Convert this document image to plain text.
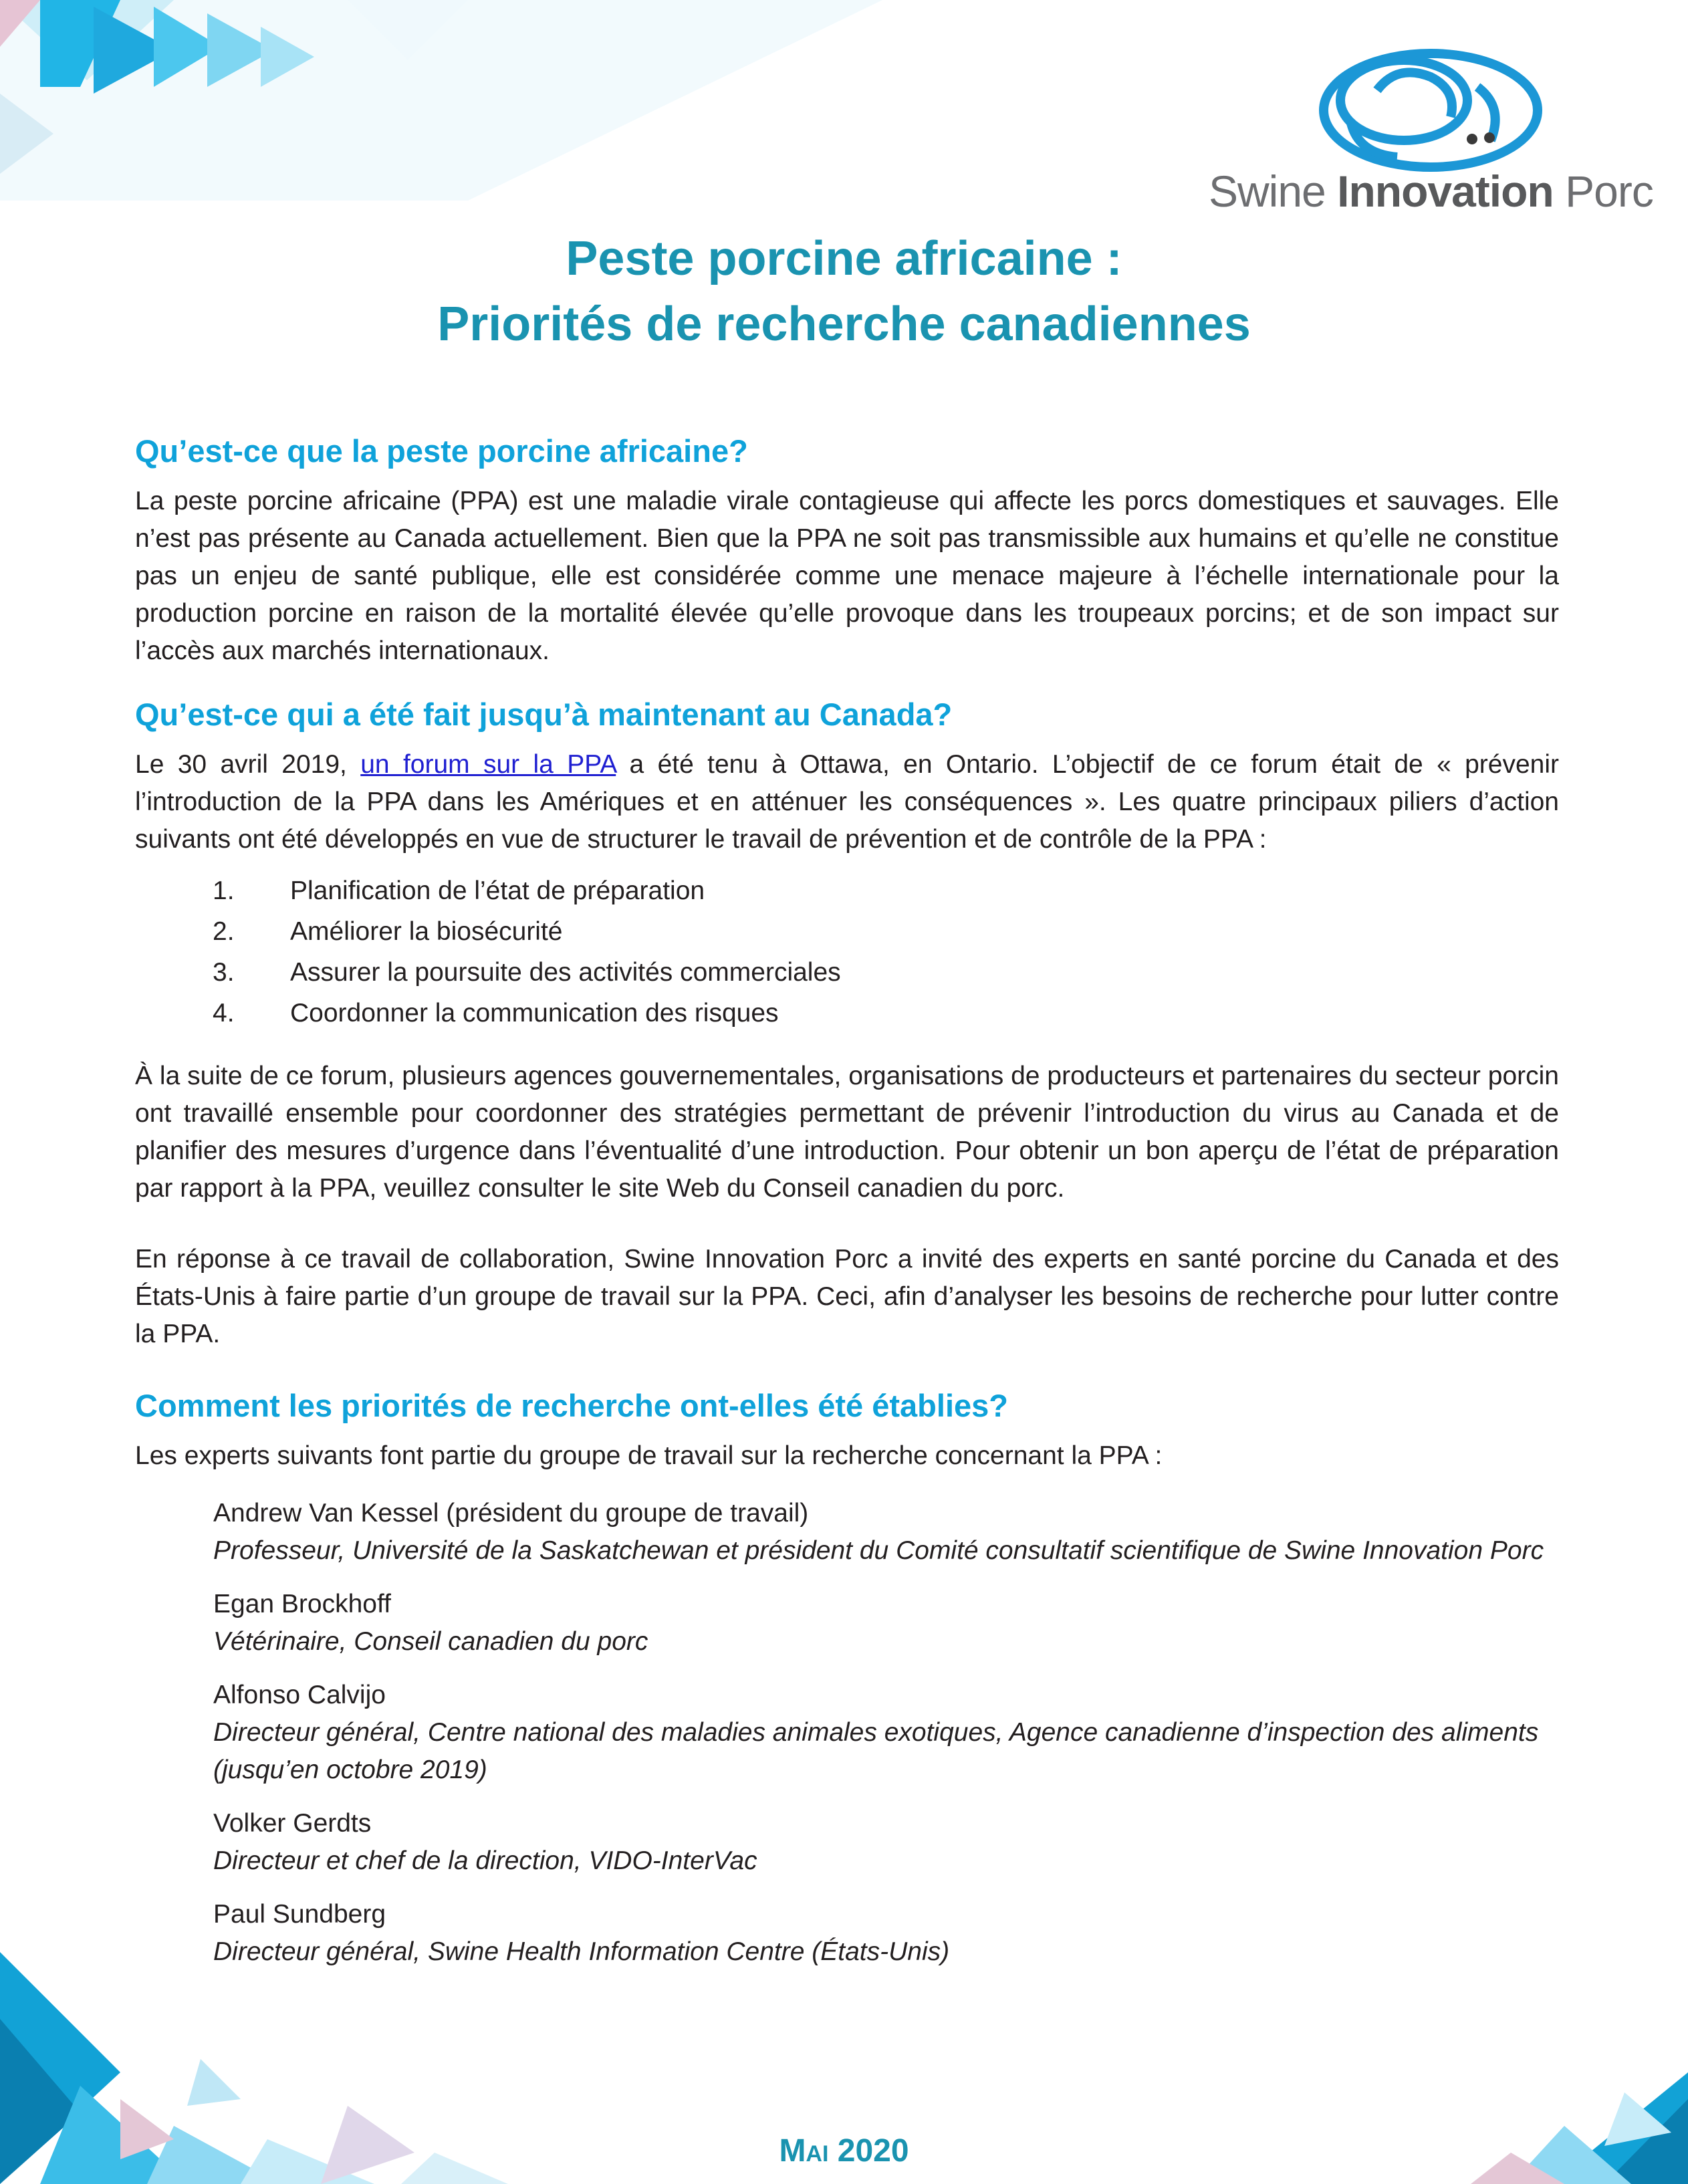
Swine Innovation Porc
Peste porcine africaine :
Priorités de recherche canadiennes
Qu’est-ce que la peste porcine africaine?

La peste porcine africaine (PPA) est une maladie virale contagieuse qui affecte les porcs domestiques et sauvages. Elle n’est pas présente au Canada actuellement. Bien que la PPA ne soit pas transmissible aux humains et qu’elle ne constitue pas un enjeu de santé publique, elle est considérée comme une menace majeure à l’échelle internationale pour la production porcine en raison de la mortalité élevée qu’elle provoque dans les troupeaux porcins; et de son impact sur l’accès aux marchés internationaux.

Qu’est-ce qui a été fait jusqu’à maintenant au Canada?

Le 30 avril 2019, un forum sur la PPA a été tenu à Ottawa, en Ontario. L’objectif de ce forum était de « prévenir l’introduction de la PPA dans les Amériques et en atténuer les conséquences ». Les quatre principaux piliers d’action suivants ont été développés en vue de structurer le travail de prévention et de contrôle de la PPA :

1. Planification de l’état de préparation
2. Améliorer la biosécurité
3. Assurer la poursuite des activités commerciales
4. Coordonner la communication des risques

À la suite de ce forum, plusieurs agences gouvernementales, organisations de producteurs et partenaires du secteur porcin ont travaillé ensemble pour coordonner des stratégies permettant de prévenir l’introduction du virus au Canada et de planifier des mesures d’urgence dans l’éventualité d’une introduction. Pour obtenir un bon aperçu de l’état de préparation par rapport à la PPA, veuillez consulter le site Web du Conseil canadien du porc.

En réponse à ce travail de collaboration, Swine Innovation Porc a invité des experts en santé porcine du Canada et des États-Unis à faire partie d’un groupe de travail sur la PPA. Ceci, afin d’analyser les besoins de recherche pour lutter contre la PPA.

Comment les priorités de recherche ont-elles été établies?

Les experts suivants font partie du groupe de travail sur la recherche concernant la PPA :

Andrew Van Kessel (président du groupe de travail)
Professeur, Université de la Saskatchewan et président du Comité consultatif scientifique de Swine Innovation Porc
Egan Brockhoff
Vétérinaire, Conseil canadien du porc
Alfonso Calvijo
Directeur général, Centre national des maladies animales exotiques, Agence canadienne d’inspection des aliments (jusqu’en octobre 2019)
Volker Gerdts
Directeur et chef de la direction, VIDO-InterVac
Paul Sundberg
Directeur général, Swine Health Information Centre (États-Unis)
Mai 2020
